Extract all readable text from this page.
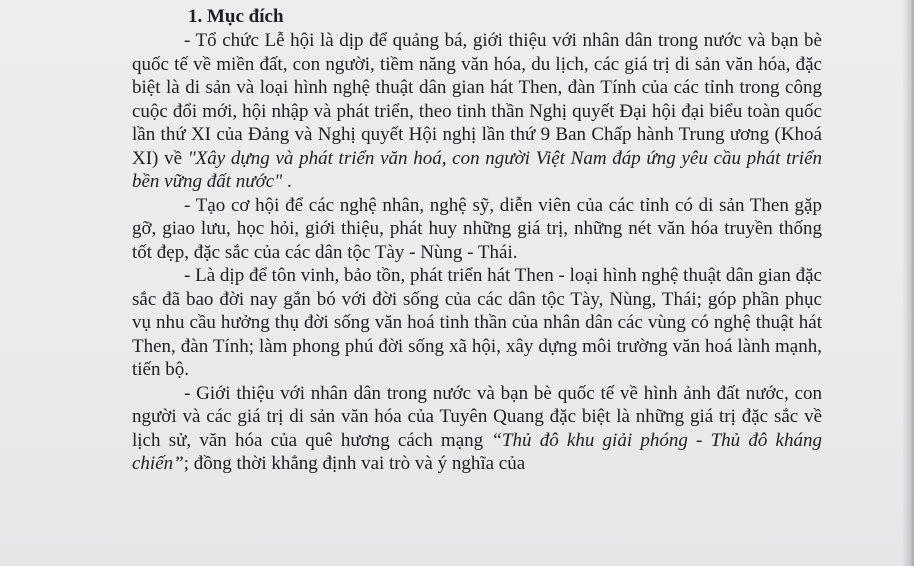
1. Mục đích

- Tổ chức Lễ hội là dịp để quảng bá, giới thiệu với nhân dân trong nước và bạn bè quốc tế về miền đất, con người, tiềm năng văn hóa, du lịch, các giá trị di sản văn hóa, đặc biệt là di sản và loại hình nghệ thuật dân gian hát Then, đàn Tính của các tỉnh trong công cuộc đổi mới, hội nhập và phát triển, theo tinh thần Nghị quyết Đại hội đại biểu toàn quốc lần thứ XI của Đảng và Nghị quyết Hội nghị lần thứ 9 Ban Chấp hành Trung ương (Khoá XI) về "Xây dựng và phát triển văn hoá, con người Việt Nam đáp ứng yêu cầu phát triển bền vững đất nước" .

- Tạo cơ hội để các nghệ nhân, nghệ sỹ, diễn viên của các tỉnh có di sản Then gặp gỡ, giao lưu, học hỏi, giới thiệu, phát huy những giá trị, những nét văn hóa truyền thống tốt đẹp, đặc sắc của các dân tộc Tày - Nùng - Thái.

- Là dịp để tôn vinh, bảo tồn, phát triển hát Then - loại hình nghệ thuật dân gian đặc sắc đã bao đời nay gắn bó với đời sống của các dân tộc Tày, Nùng, Thái; góp phần phục vụ nhu cầu hưởng thụ đời sống văn hoá tinh thần của nhân dân các vùng có nghệ thuật hát Then, đàn Tính; làm phong phú đời sống xã hội, xây dựng môi trường văn hoá lành mạnh, tiến bộ.

- Giới thiệu với nhân dân trong nước và bạn bè quốc tế về hình ảnh đất nước, con người và các giá trị di sản văn hóa của Tuyên Quang đặc biệt là những giá trị đặc sắc về lịch sử, văn hóa của quê hương cách mạng “Thủ đô khu giải phóng - Thủ đô kháng chiến”; đồng thời khẳng định vai trò và ý nghĩa của
